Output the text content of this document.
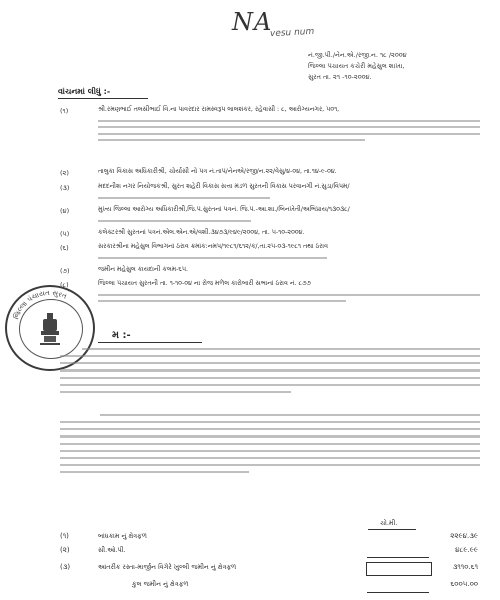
NA
vesu num
નં.જી.પી./નેન.એ./રજી.ન. ૧૮ /૨૦૦૪
જિલ્લા પંચાયત કચેરી મહેસુલ શાખા,
સુરત તા. ૨૧ -૧૦-૨૦૦૪.
વાંચનમાં લીધું :-
(૧)	શ્રી.રમણભાઈ તલસીભાઈ વિ.ના પાવરદાર રામસ્વરૂપ લાલશંકર, રહેવાસી : ૮, આરોગ્યનગર, ૫૦૧,
(૨)	તાલુકા વિકાસ અધિકારીશ્રી, ચોર્યાસી નો પત્ર નં.તાપં/નેનએ/રજી/ન.૨૨/વેસુ/૪-૦૪, તા.૧૪-૯-૦૪.
(૩)	મદદનીશ નગર નિયોજકશ્રી, સુરત શહેરી વિકાસ સત્તા મંડળ સુરતની વિકાસ પરવાનગી નં.સુડા/વિપમ/
(૪)	મુખ્ય જિલ્લા આરોગ્ય અધિકારીશ્રી,જિ.પં.સુરતનાં પત્રનં. જિ.પં.-આ.શા./બિનખેતી/અભિપ્રાય/૧૩૦૩૮/
(૫)	કલેક્ટરશ્રી સુરતનાં પત્રનં.એલ.એન.એ/વશી.૩૪૭૩/૯૪૯/૨૦૦૪, તા. ૫-૧૦-૨૦૦૪.
(૬)	સરકારશ્રીના મહેસુલ વિભાગનાં ઠરાવ ક્રમાંક:નમપ/૧૯૮૧/૬૧૨/ક/,તા.૨૫-૦૩-૧૯૮૧ તથા ઠરાવ
(૭)	જમીન મહેસુલ કાયદાની કલમ-૬૫.
(૮)	જિલ્લા પંચાયત સુરતની તા. ૧-૧૦-૦૪ ના રોજ મળેલ કારોબારી સભાનાં ઠરાવ નં. ૮૭૭
જિલ્લા પંચાયત સુરત
મ :-
ચો.મી.
(૧)	બાંધકામ નું ક્ષેત્રફળ	૨૨૯૪.૩૯
(૨)	સી.ઓ.પી.	૪૮૯.૯૯
(૩)	આંતરીક રસ્તા-માર્જીન વિગેરે ખુલ્લી જમીન નું ક્ષેત્રફળ	૩૧૧૦.૬૧
કુલ જમીન નું ક્ષેત્રફળ	૬૦૦૫.૦૦
